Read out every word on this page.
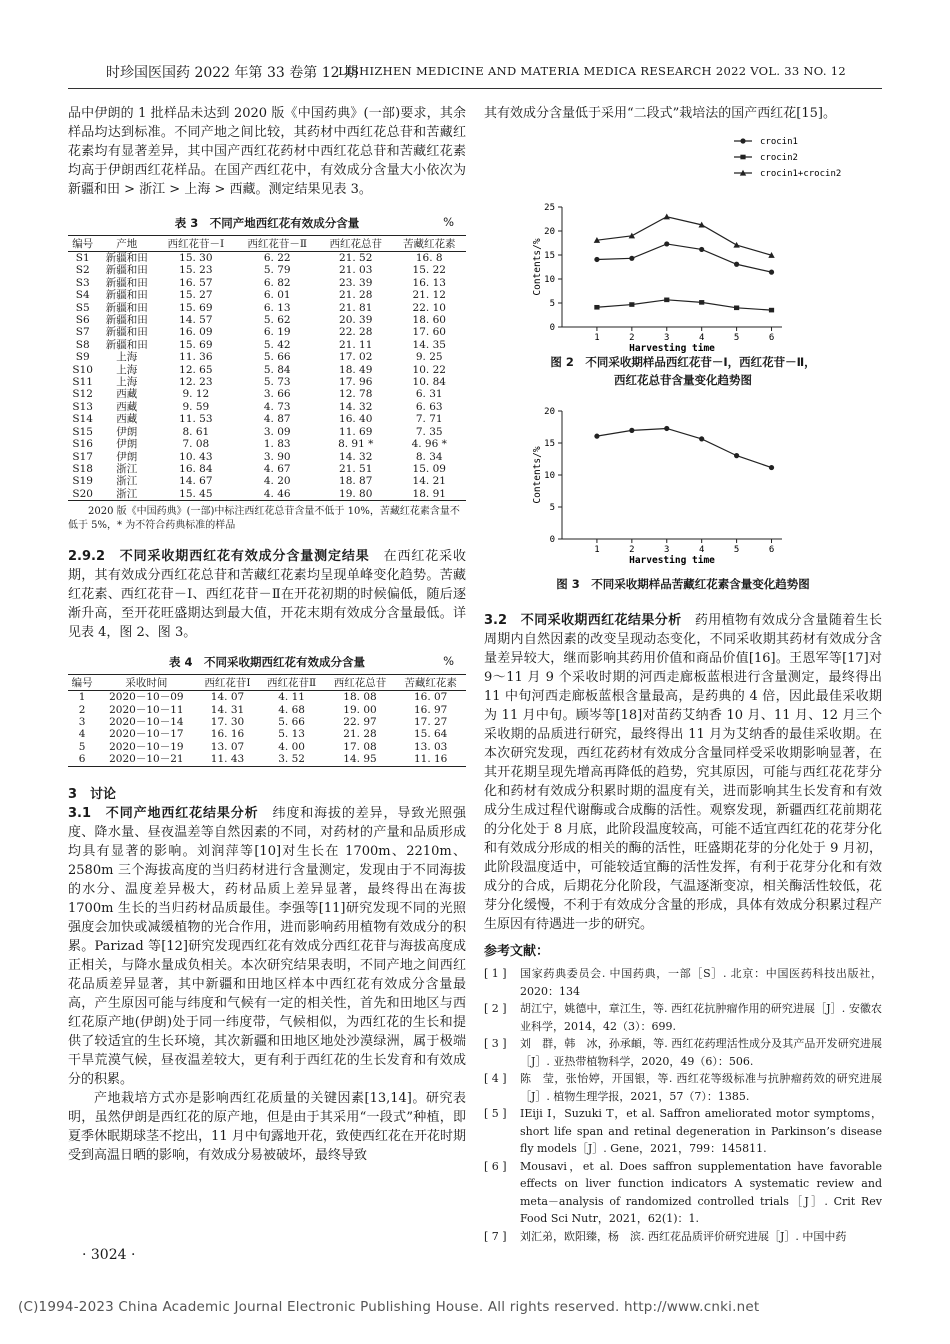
时珍国医国药 2022 年第 33 卷第 12 期
LISHIZHEN MEDICINE AND MATERIA MEDICA RESEARCH 2022 VOL. 33 NO. 12

品中伊朗的 1 批样品未达到 2020 版《中国药典》(一部)要求，其余样品均达到标准。不同产地之间比较，其药材中西红花总苷和苦藏红花素均有显著差异，其中国产西红花药材中西红花总苷和苦藏红花素均高于伊朗西红花样品。在国产西红花中，有效成分含量大小依次为新疆和田 > 浙江 > 上海 > 西藏。测定结果见表 3。

表 3　不同产地西红花有效成分含量	%
编号	产地	西红花苷－Ⅰ	西红花苷－Ⅱ	西红花总苷	苦藏红花素
S1	新疆和田	15. 30	6. 22	21. 52	16. 8
S2	新疆和田	15. 23	5. 79	21. 03	15. 22
S3	新疆和田	16. 57	6. 82	23. 39	16. 13
S4	新疆和田	15. 27	6. 01	21. 28	21. 12
S5	新疆和田	15. 69	6. 13	21. 81	22. 10
S6	新疆和田	14. 57	5. 62	20. 39	18. 60
S7	新疆和田	16. 09	6. 19	22. 28	17. 60
S8	新疆和田	15. 69	5. 42	21. 11	14. 35
S9	上海	11. 36	5. 66	17. 02	9. 25
S10	上海	12. 65	5. 84	18. 49	10. 22
S11	上海	12. 23	5. 73	17. 96	10. 84
S12	西藏	9. 12	3. 66	12. 78	6. 31
S13	西藏	9. 59	4. 73	14. 32	6. 63
S14	西藏	11. 53	4. 87	16. 40	7. 71
S15	伊朗	8. 61	3. 09	11. 69	7. 35
S16	伊朗	7. 08	1. 83	8. 91 *	4. 96 *
S17	伊朗	10. 43	3. 90	14. 32	8. 34
S18	浙江	16. 84	4. 67	21. 51	15. 09
S19	浙江	14. 67	4. 20	18. 87	14. 21
S20	浙江	15. 45	4. 46	19. 80	18. 91

2020 版《中国药典》(一部)中标注西红花总苷含量不低于 10%，苦藏红花素含量不低于 5%，* 为不符合药典标准的样品

2.9.2　不同采收期西红花有效成分含量测定结果　 在西红花采收期，其有效成分西红花总苷和苦藏红花素均呈现单峰变化趋势。苦藏红花素、西红花苷－Ⅰ、西红花苷－Ⅱ在开花初期的时候偏低，随后逐渐升高，至开花旺盛期达到最大值，开花末期有效成分含量最低。详见表 4，图 2、图 3。

表 4　不同采收期西红花有效成分含量	%
编号	采收时间	西红花苷Ⅰ	西红花苷Ⅱ	西红花总苷	苦藏红花素
1	2020－10－09	14. 07	4. 11	18. 08	16. 07
2	2020－10－11	14. 31	4. 68	19. 00	16. 97
3	2020－10－14	17. 30	5. 66	22. 97	17. 27
4	2020－10－17	16. 16	5. 13	21. 28	15. 64
5	2020－10－19	13. 07	4. 00	17. 08	13. 03
6	2020－10－21	11. 43	3. 52	14. 95	11. 16

3　讨论

3.1　不同产地西红花结果分析　 纬度和海拔的差异，导致光照强度、降水量、昼夜温差等自然因素的不同，对药材的产量和品质形成均具有显著的影响。刘润萍等[10]对生长在 1700m、2210m、2580m 三个海拔高度的当归药材进行含量测定，发现由于不同海拔的水分、温度差异极大，药材品质上差异显著，最终得出在海拔 1700m 生长的当归药材品质最佳。李强等[11]研究发现不同的光照强度会加快或减缓植物的光合作用，进而影响药用植物有效成分的积累。Parizad 等[12]研究发现西红花有效成分西红花苷与海拔高度成正相关，与降水量成负相关。本次研究结果表明，不同产地之间西红花品质差异显著，其中新疆和田地区样本中西红花有效成分含量最高，产生原因可能与纬度和气候有一定的相关性，首先和田地区与西红花原产地(伊朗)处于同一纬度带，气候相似，为西红花的生长和提供了较适宜的生长环境，其次新疆和田地区地处沙漠绿洲，属于极端干旱荒漠气候，昼夜温差较大，更有利于西红花的生长发育和有效成分的积累。

产地栽培方式亦是影响西红花质量的关键因素[13,14]。研究表明，虽然伊朗是西红花的原产地，但是由于其采用“一段式”种植，即夏季休眠期球茎不挖出，11 月中旬露地开花，致使西红花在开花时期受到高温日晒的影响，有效成分易被破坏，最终导致

其有效成分含量低于采用“二段式”栽培法的国产西红花[15]。

0
5
10
15
20
25
1	2	3	4	5	6
Harvesting time
Contents/%
crocin1
crocin2
crocin1+crocin2

图 2　不同采收期样品西红花苷－Ⅰ，西红花苷－Ⅱ，

西红花总苷含量变化趋势图

0
5
10
15
20
1	2	3	4	5	6
Harvesting time
Contents/%

图 3　不同采收期样品苦藏红花素含量变化趋势图

3.2　不同采收期西红花结果分析　 药用植物有效成分含量随着生长周期内自然因素的改变呈现动态变化，不同采收期其药材有效成分含量差异较大，继而影响其药用价值和商品价值[16]。王恩军等[17]对 9～11 月 9 个采收时期的河西走廊板蓝根进行含量测定，最终得出 11 中旬河西走廊板蓝根含量最高，是药典的 4 倍，因此最佳采收期为 11 月中旬。顾岑等[18]对苗药艾纳香 10 月、11 月、12 月三个采收期的品质进行研究，最终得出 11 月为艾纳香的最佳采收期。在本次研究发现，西红花药材有效成分含量同样受采收期影响显著，在其开花期呈现先增高再降低的趋势，究其原因，可能与西红花花芽分化和药材有效成分积累时期的温度有关，进而影响其生长发育和有效成分生成过程代谢酶或合成酶的活性。观察发现，新疆西红花前期花的分化处于 8 月底，此阶段温度较高，可能不适宜西红花的花芽分化和有效成分形成的相关的酶的活性，旺盛期花芽的分化处于 9 月初，此阶段温度适中，可能较适宜酶的活性发挥，有利于花芽分化和有效成分的合成，后期花分化阶段，气温逐渐变凉，相关酶活性较低，花芽分化缓慢，不利于有效成分含量的形成，具体有效成分积累过程产生原因有待遇进一步的研究。

参考文献：

[ 1 ] 国家药典委员会. 中国药典，一部［S］. 北京：中国医药科技出版社，2020：134
[ 2 ] 胡江宁，姚德中，章江生，等. 西红花抗肿瘤作用的研究进展［J］. 安徽农业科学，2014，42（3）：699.
[ 3 ] 刘　群，韩　冰，孙承頔，等. 西红花药理活性成分及其产品开发研究进展［J］. 亚热带植物科学，2020，49（6）：506.
[ 4 ] 陈　莹，张怡婷，开国银，等. 西红花等级标准与抗肿瘤药效的研究进展［J］. 植物生理学报，2021，57（7）：1385.
[ 5 ] IEiji I，Suzuki T，et al. Saffron ameliorated motor symptoms，short life span and retinal degeneration in Parkinson’s disease fly models［J］. Gene，2021，799：145811.
[ 6 ] Mousavi，et al. Does saffron supplementation have favorable effects on liver function indicators A systematic review and meta－analysis of randomized controlled trials［J］. Crit Rev Food Sci Nutr，2021，62(1)：1.
[ 7 ] 刘汇弟，欧阳臻，杨　滨. 西红花品质评价研究进展［J］. 中国中药
· 3024 ·
(C)1994-2023 China Academic Journal Electronic Publishing House. All rights reserved. http://www.cnki.net
